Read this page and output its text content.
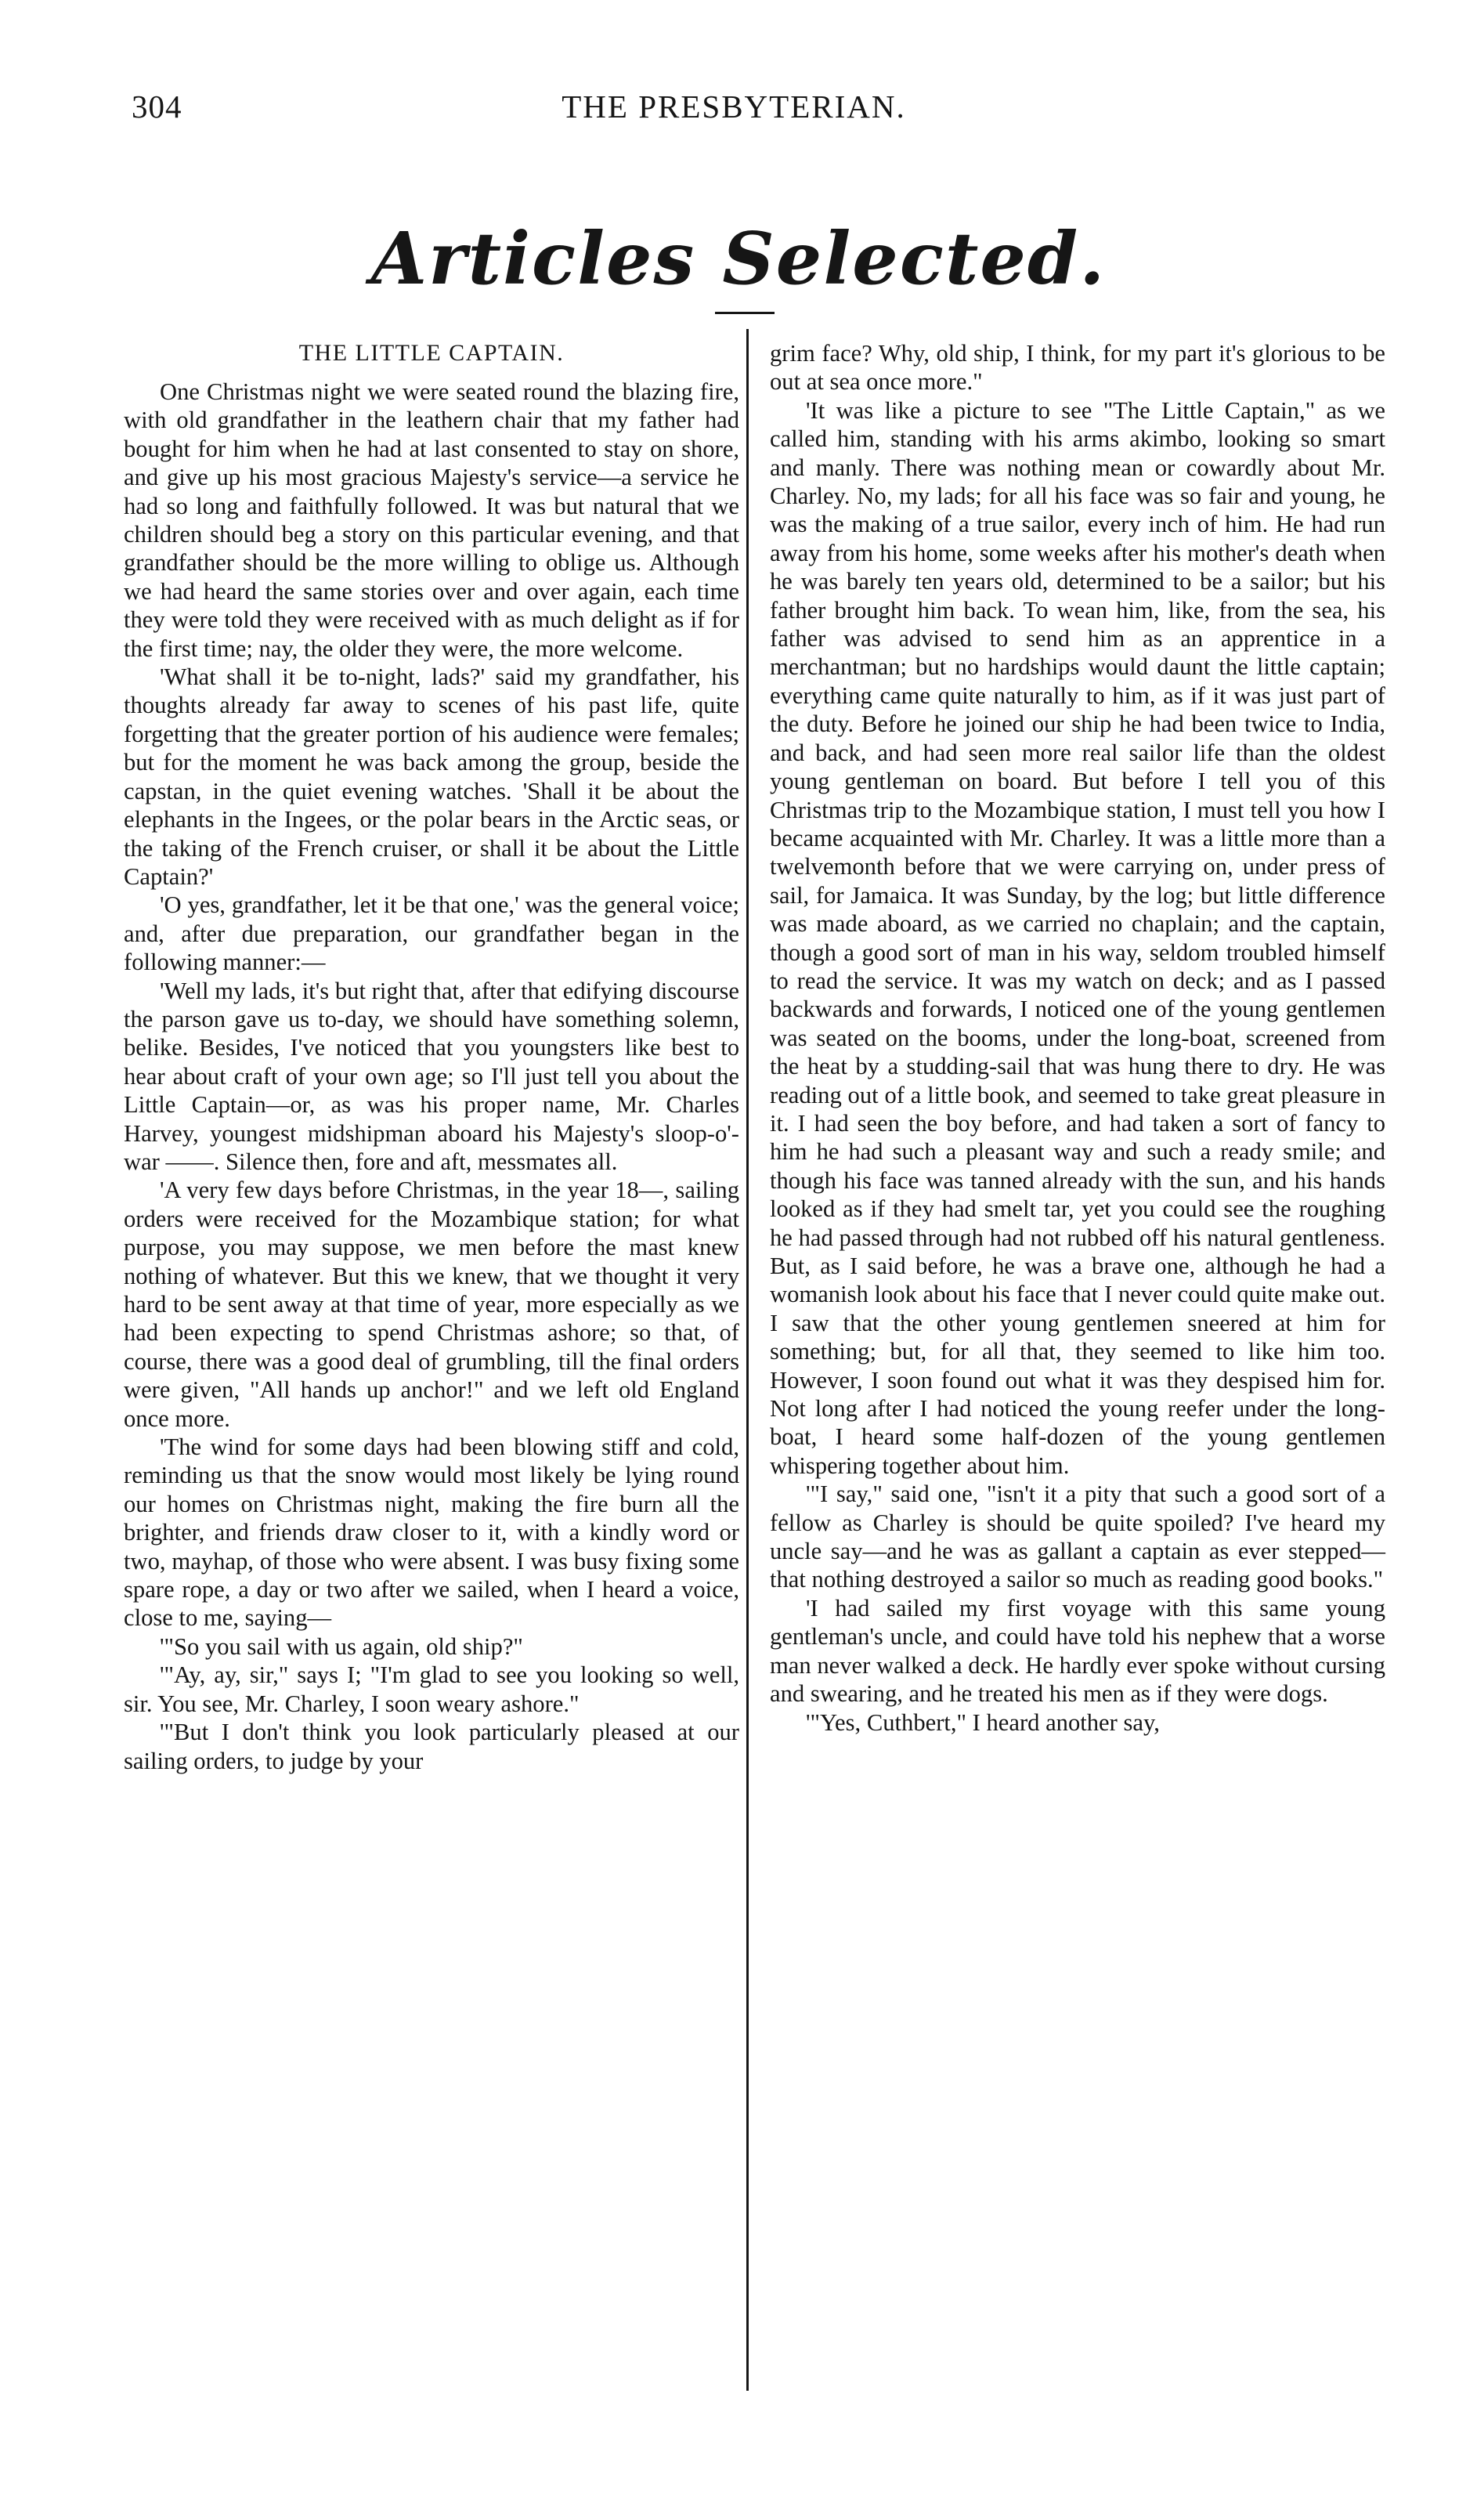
304	THE PRESBYTERIAN.
Articles Selected.
THE LITTLE CAPTAIN.

One Christmas night we were seated round the blazing fire, with old grandfather in the leathern chair that my father had bought for him when he had at last consented to stay on shore, and give up his most gracious Majesty's service—a service he had so long and faithfully followed. It was but natural that we children should beg a story on this particular evening, and that grandfather should be the more willing to oblige us. Although we had heard the same stories over and over again, each time they were told they were received with as much delight as if for the first time; nay, the older they were, the more welcome.

'What shall it be to-night, lads?' said my grandfather, his thoughts already far away to scenes of his past life, quite forgetting that the greater portion of his audience were females; but for the moment he was back among the group, beside the capstan, in the quiet evening watches. 'Shall it be about the elephants in the Ingees, or the polar bears in the Arctic seas, or the taking of the French cruiser, or shall it be about the Little Captain?'

'O yes, grandfather, let it be that one,' was the general voice; and, after due preparation, our grandfather began in the following manner:—

'Well my lads, it's but right that, after that edifying discourse the parson gave us to-day, we should have something solemn, belike. Besides, I've noticed that you youngsters like best to hear about craft of your own age; so I'll just tell you about the Little Captain—or, as was his proper name, Mr. Charles Harvey, youngest midshipman aboard his Majesty's sloop-o'-war ——. Silence then, fore and aft, messmates all.

'A very few days before Christmas, in the year 18—, sailing orders were received for the Mozambique station; for what purpose, you may suppose, we men before the mast knew nothing of whatever. But this we knew, that we thought it very hard to be sent away at that time of year, more especially as we had been expecting to spend Christmas ashore; so that, of course, there was a good deal of grumbling, till the final orders were given, "All hands up anchor!" and we left old England once more.

'The wind for some days had been blowing stiff and cold, reminding us that the snow would most likely be lying round our homes on Christmas night, making the fire burn all the brighter, and friends draw closer to it, with a kindly word or two, mayhap, of those who were absent. I was busy fixing some spare rope, a day or two after we sailed, when I heard a voice, close to me, saying—

'"So you sail with us again, old ship?"

'"Ay, ay, sir," says I; "I'm glad to see you looking so well, sir. You see, Mr. Charley, I soon weary ashore."

'"But I don't think you look particularly pleased at our sailing orders, to judge by your

grim face? Why, old ship, I think, for my part it's glorious to be out at sea once more."

'It was like a picture to see "The Little Captain," as we called him, standing with his arms akimbo, looking so smart and manly. There was nothing mean or cowardly about Mr. Charley. No, my lads; for all his face was so fair and young, he was the making of a true sailor, every inch of him. He had run away from his home, some weeks after his mother's death when he was barely ten years old, determined to be a sailor; but his father brought him back. To wean him, like, from the sea, his father was advised to send him as an apprentice in a merchantman; but no hardships would daunt the little captain; everything came quite naturally to him, as if it was just part of the duty. Before he joined our ship he had been twice to India, and back, and had seen more real sailor life than the oldest young gentleman on board. But before I tell you of this Christmas trip to the Mozambique station, I must tell you how I became acquainted with Mr. Charley. It was a little more than a twelvemonth before that we were carrying on, under press of sail, for Jamaica. It was Sunday, by the log; but little difference was made aboard, as we carried no chaplain; and the captain, though a good sort of man in his way, seldom troubled himself to read the service. It was my watch on deck; and as I passed backwards and forwards, I noticed one of the young gentlemen was seated on the booms, under the long-boat, screened from the heat by a studding-sail that was hung there to dry. He was reading out of a little book, and seemed to take great pleasure in it. I had seen the boy before, and had taken a sort of fancy to him he had such a pleasant way and such a ready smile; and though his face was tanned already with the sun, and his hands looked as if they had smelt tar, yet you could see the roughing he had passed through had not rubbed off his natural gentleness. But, as I said before, he was a brave one, although he had a womanish look about his face that I never could quite make out. I saw that the other young gentlemen sneered at him for something; but, for all that, they seemed to like him too. However, I soon found out what it was they despised him for. Not long after I had noticed the young reefer under the long-boat, I heard some half-dozen of the young gentlemen whispering together about him.

'"I say," said one, "isn't it a pity that such a good sort of a fellow as Charley is should be quite spoiled? I've heard my uncle say—and he was as gallant a captain as ever stepped—that nothing destroyed a sailor so much as reading good books."

'I had sailed my first voyage with this same young gentleman's uncle, and could have told his nephew that a worse man never walked a deck. He hardly ever spoke without cursing and swearing, and he treated his men as if they were dogs.

'"Yes, Cuthbert," I heard another say,
